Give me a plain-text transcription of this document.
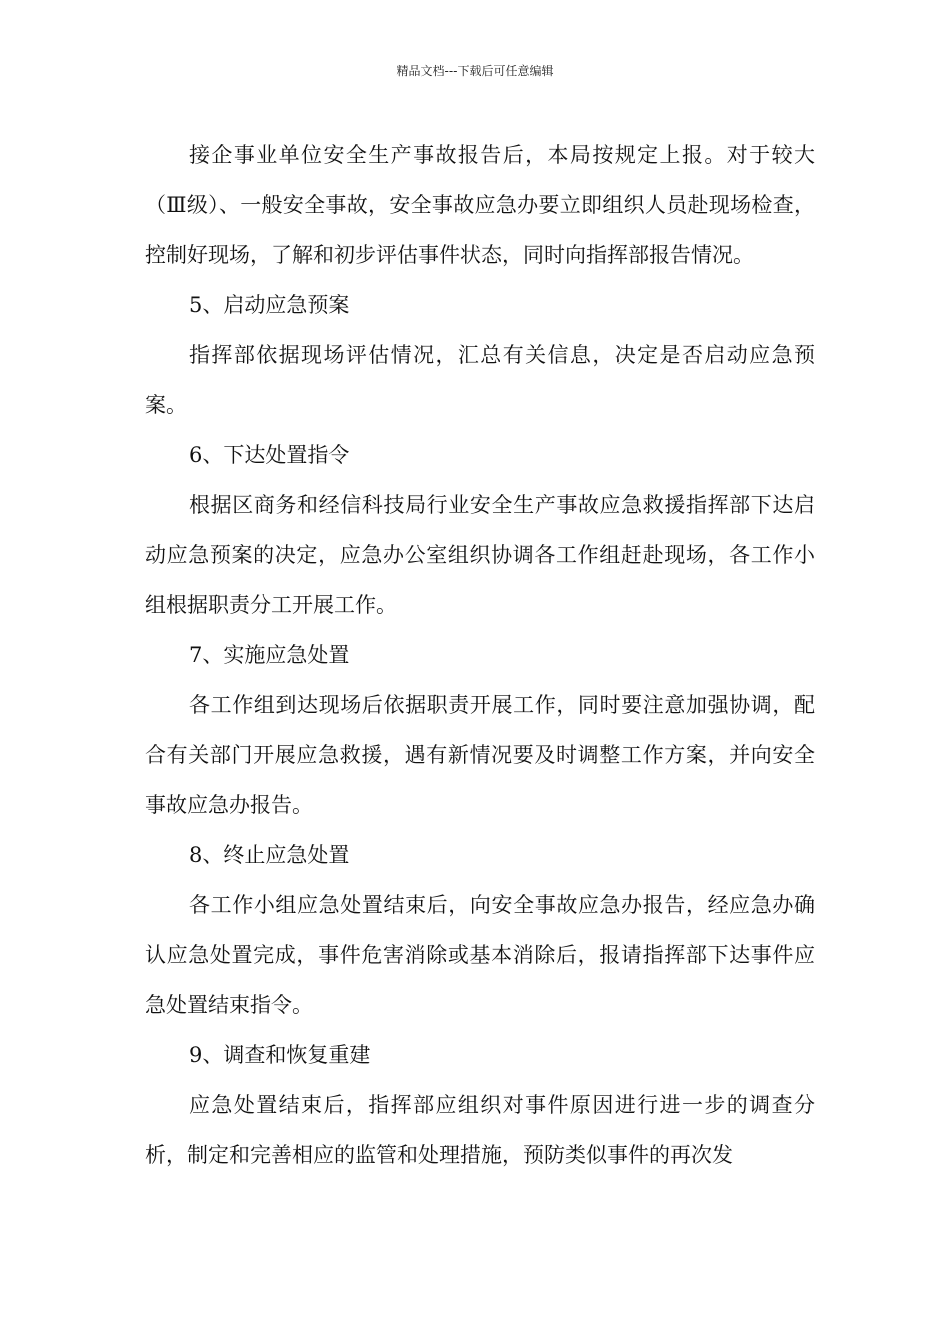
精品文档---下载后可任意编辑

接企事业单位安全生产事故报告后，本局按规定上报。对于较大（Ⅲ级）、一般安全事故，安全事故应急办要立即组织人员赴现场检查，控制好现场，了解和初步评估事件状态，同时向指挥部报告情况。

5、启动应急预案

指挥部依据现场评估情况，汇总有关信息，决定是否启动应急预案。

6、下达处置指令

根据区商务和经信科技局行业安全生产事故应急救援指挥部下达启动应急预案的决定，应急办公室组织协调各工作组赶赴现场，各工作小组根据职责分工开展工作。

7、实施应急处置

各工作组到达现场后依据职责开展工作，同时要注意加强协调，配合有关部门开展应急救援，遇有新情况要及时调整工作方案，并向安全事故应急办报告。

8、终止应急处置

各工作小组应急处置结束后，向安全事故应急办报告，经应急办确认应急处置完成，事件危害消除或基本消除后，报请指挥部下达事件应急处置结束指令。

9、调查和恢复重建

应急处置结束后，指挥部应组织对事件原因进行进一步的调查分析，制定和完善相应的监管和处理措施，预防类似事件的再次发
